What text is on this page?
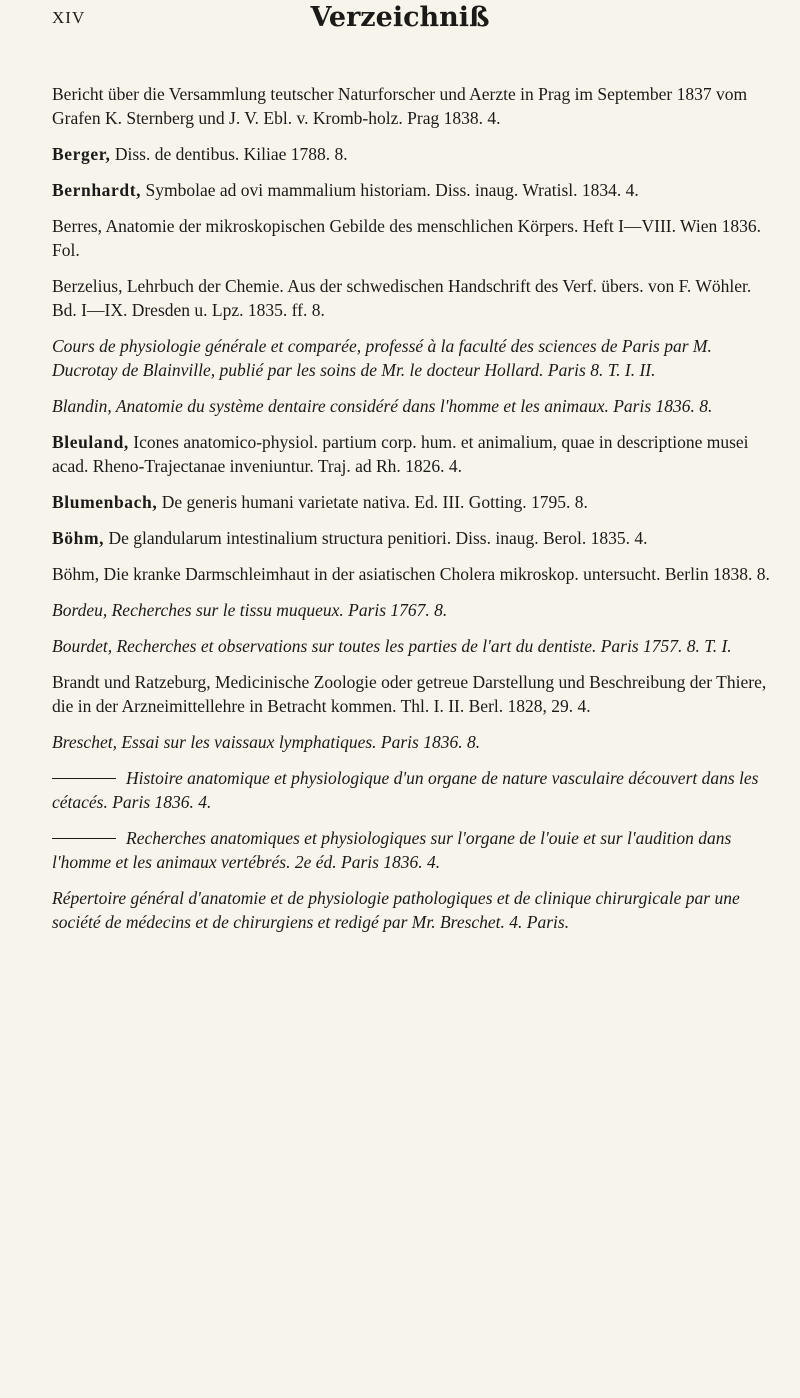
XIV	Verzeichniß

Bericht über die Versammlung teutscher Naturforscher und Aerzte in Prag im September 1837 vom Grafen K. Sternberg und J. V. Ebl. v. Kromb-holz. Prag 1838. 4.

Berger, Diss. de dentibus. Kiliae 1788. 8.

Bernhardt, Symbolae ad ovi mammalium historiam. Diss. inaug. Wratisl. 1834. 4.

Berres, Anatomie der mikroskopischen Gebilde des menschlichen Körpers. Heft I—VIII. Wien 1836. Fol.

Berzelius, Lehrbuch der Chemie. Aus der schwedischen Handschrift des Verf. übers. von F. Wöhler. Bd. I—IX. Dresden u. Lpz. 1835. ff. 8.

Cours de physiologie générale et comparée, professé à la faculté des sciences de Paris par M. Ducrotay de Blainville, publié par les soins de Mr. le docteur Hollard. Paris 8. T. I. II.

Blandin, Anatomie du système dentaire considéré dans l'homme et les animaux. Paris 1836. 8.

Bleuland, Icones anatomico-physiol. partium corp. hum. et animalium, quae in descriptione musei acad. Rheno-Trajectanae inveniuntur. Traj. ad Rh. 1826. 4.

Blumenbach, De generis humani varietate nativa. Ed. III. Gotting. 1795. 8.

Böhm, De glandularum intestinalium structura penitiori. Diss. inaug. Berol. 1835. 4.

Böhm, Die kranke Darmschleimhaut in der asiatischen Cholera mikroskop. untersucht. Berlin 1838. 8.

Bordeu, Recherches sur le tissu muqueux. Paris 1767. 8.

Bourdet, Recherches et observations sur toutes les parties de l'art du dentiste. Paris 1757. 8. T. I.

Brandt und Ratzeburg, Medicinische Zoologie oder getreue Darstellung und Beschreibung der Thiere, die in der Arzneimittellehre in Betracht kommen. Thl. I. II. Berl. 1828, 29. 4.

Breschet, Essai sur les vaissaux lymphatiques. Paris 1836. 8.

Histoire anatomique et physiologique d'un organe de nature vasculaire découvert dans les cétacés. Paris 1836. 4.

Recherches anatomiques et physiologiques sur l'organe de l'ouie et sur l'audition dans l'homme et les animaux vertébrés. 2e éd. Paris 1836. 4.

Répertoire général d'anatomie et de physiologie pathologiques et de clinique chirurgicale par une société de médecins et de chirurgiens et redigé par Mr. Breschet. 4. Paris.
